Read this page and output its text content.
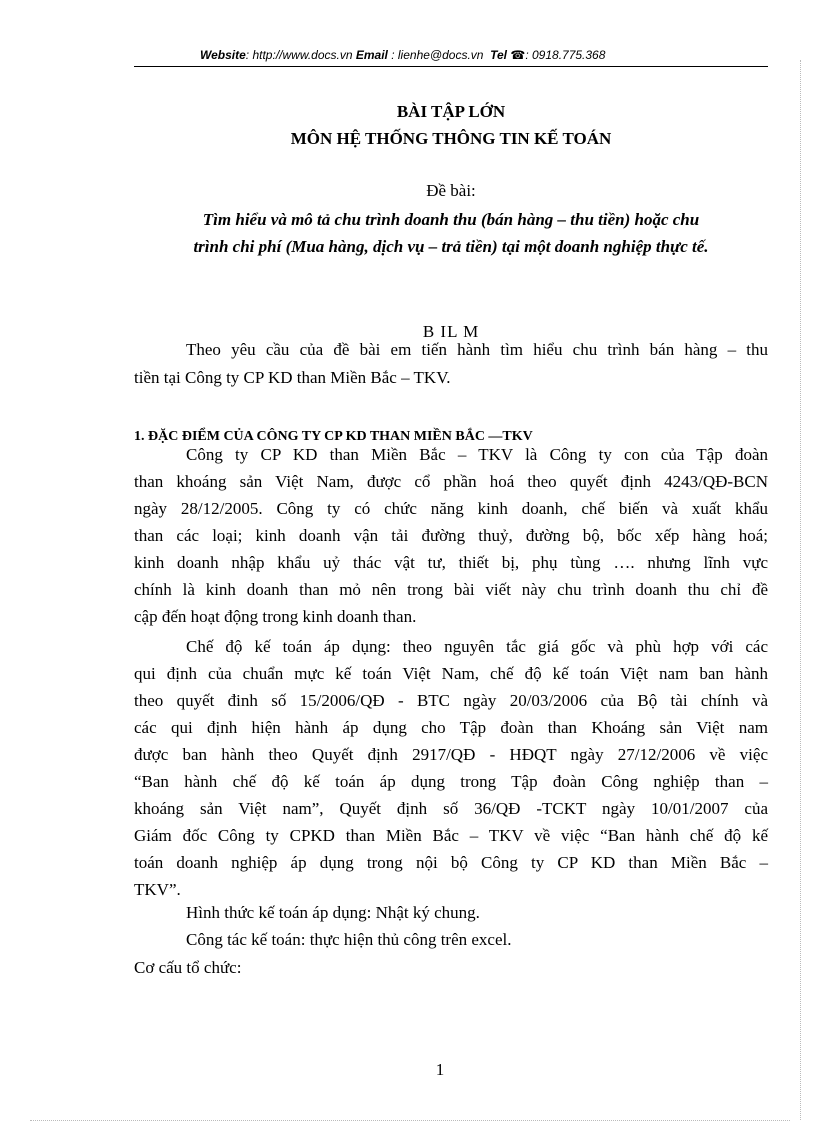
Website: http://www.docs.vn Email : lienhe@docs.vn Tel ☎: 0918.775.368
BÀI TẬP LỚN
MÔN HỆ THỐNG THÔNG TIN KẾ TOÁN
Đề bài:
Tìm hiểu và mô tả chu trình doanh thu (bán hàng – thu tiền) hoặc chu
trình chi phí (Mua hàng, dịch vụ – trả tiền) tại một doanh nghiệp thực tế.
B IL M
Theo yêu cầu của đề bài em tiến hành tìm hiểu chu trình bán hàng – thu
tiền tại Công ty CP KD than Miền Bắc – TKV.
1. ĐẶC ĐIỂM CỦA CÔNG TY CP KD THAN MIỀN BẮC —TKV
Công ty CP KD than Miền Bắc – TKV là Công ty con của Tập đoàn
than khoáng sản Việt Nam, được cổ phần hoá theo quyết định 4243/QĐ-BCN
ngày 28/12/2005. Công ty có chức năng kinh doanh, chế biến và xuất khẩu
than các loại; kinh doanh vận tải đường thuỷ, đường bộ, bốc xếp hàng hoá;
kinh doanh nhập khẩu uỷ thác vật tư, thiết bị, phụ tùng …. nhưng lĩnh vực
chính là kinh doanh than mỏ nên trong bài viết này chu trình doanh thu chỉ đề
cập đến hoạt động trong kinh doanh than.
Chế độ kế toán áp dụng: theo nguyên tắc giá gốc và phù hợp với các
qui định của chuẩn mực kế toán Việt Nam, chế độ kế toán Việt nam ban hành
theo quyết đinh số 15/2006/QĐ - BTC ngày 20/03/2006 của Bộ tài chính và
các qui định hiện hành áp dụng cho Tập đoàn than Khoáng sản Việt nam
được ban hành theo Quyết định 2917/QĐ - HĐQT ngày 27/12/2006 về việc
“Ban hành chế độ kế toán áp dụng trong Tập đoàn Công nghiệp than –
khoáng sản Việt nam”, Quyết định số 36/QĐ -TCKT ngày 10/01/2007 của
Giám đốc Công ty CPKD than Miền Bắc – TKV về việc “Ban hành chế độ kế
toán doanh nghiệp áp dụng trong nội bộ Công ty CP KD than Miền Bắc –
TKV”.
Hình thức kế toán áp dụng: Nhật ký chung.
Công tác kế toán: thực hiện thủ công trên excel.
Cơ cấu tổ chức:
1
